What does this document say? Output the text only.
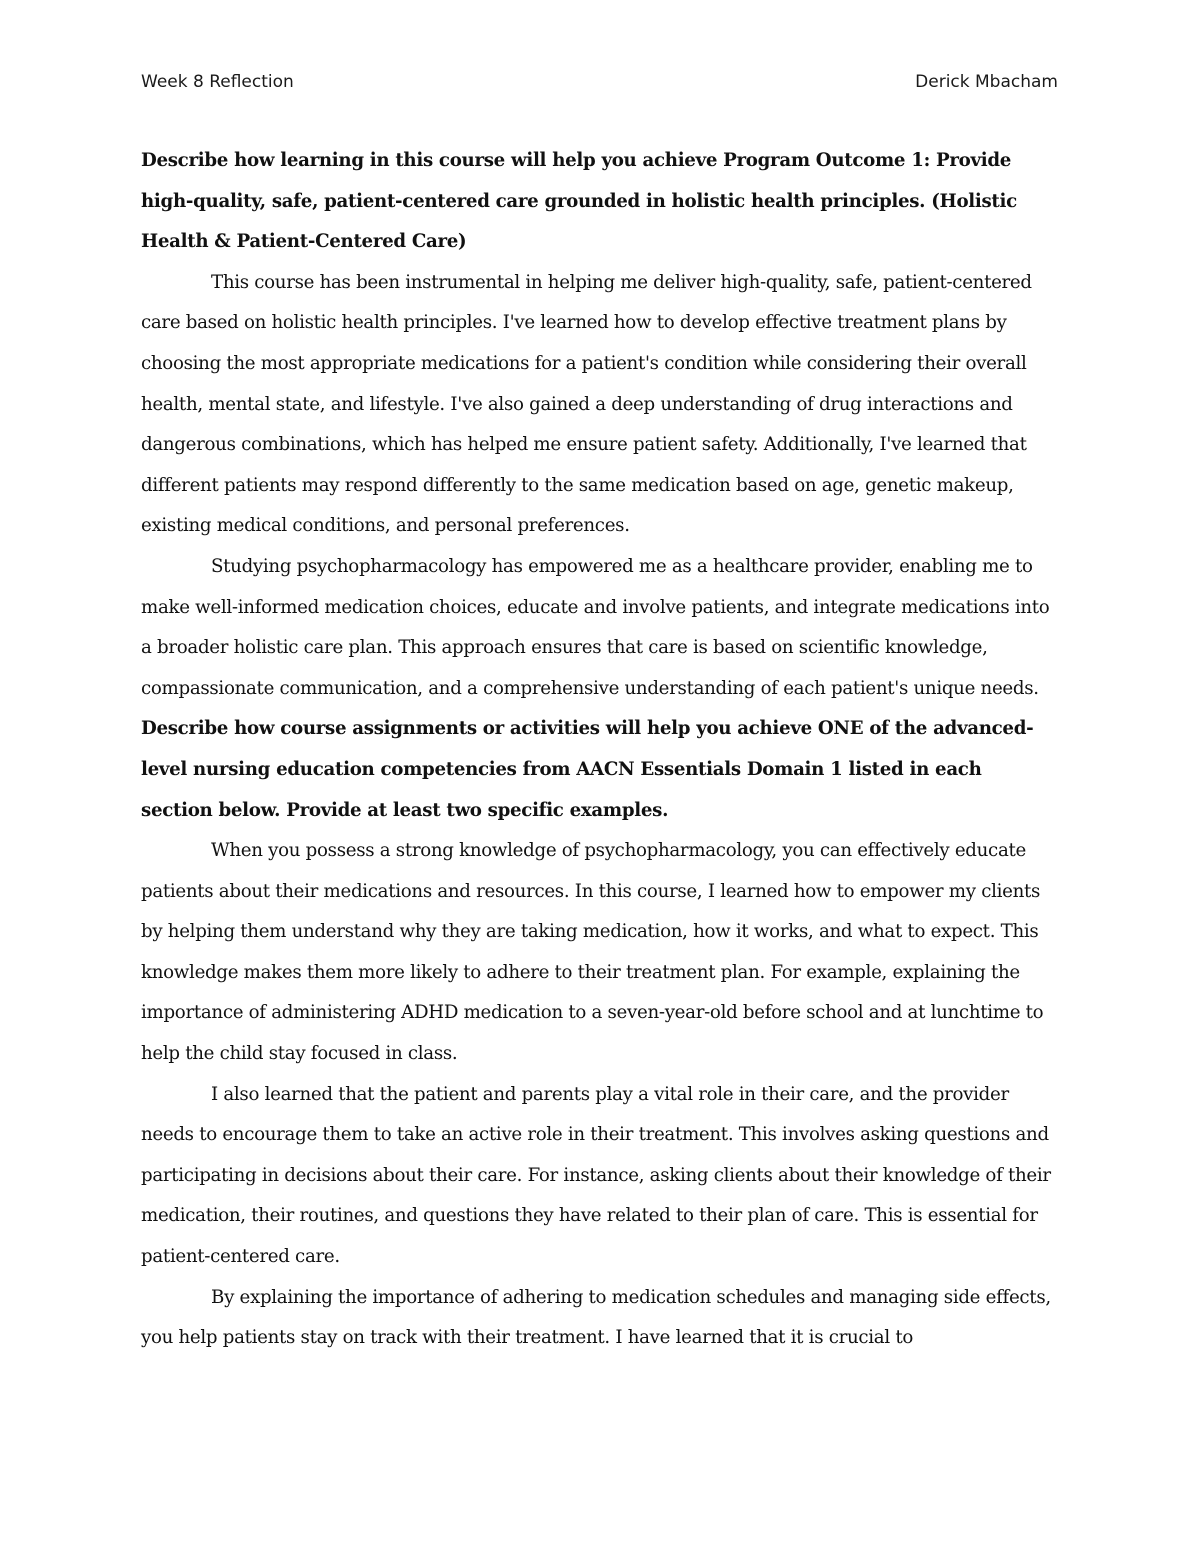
Week 8 Reflection	Derick Mbacham

Describe how learning in this course will help you achieve Program Outcome 1: Provide high-quality, safe, patient-centered care grounded in holistic health principles. (Holistic Health & Patient-Centered Care)

This course has been instrumental in helping me deliver high-quality, safe, patient-centered care based on holistic health principles. I've learned how to develop effective treatment plans by choosing the most appropriate medications for a patient's condition while considering their overall health, mental state, and lifestyle. I've also gained a deep understanding of drug interactions and dangerous combinations, which has helped me ensure patient safety. Additionally, I've learned that different patients may respond differently to the same medication based on age, genetic makeup, existing medical conditions, and personal preferences.

Studying psychopharmacology has empowered me as a healthcare provider, enabling me to make well-informed medication choices, educate and involve patients, and integrate medications into a broader holistic care plan. This approach ensures that care is based on scientific knowledge, compassionate communication, and a comprehensive understanding of each patient's unique needs.

Describe how course assignments or activities will help you achieve ONE of the advanced-level nursing education competencies from AACN Essentials Domain 1 listed in each section below. Provide at least two specific examples.

When you possess a strong knowledge of psychopharmacology, you can effectively educate patients about their medications and resources. In this course, I learned how to empower my clients by helping them understand why they are taking medication, how it works, and what to expect. This knowledge makes them more likely to adhere to their treatment plan. For example, explaining the importance of administering ADHD medication to a seven-year-old before school and at lunchtime to help the child stay focused in class.

I also learned that the patient and parents play a vital role in their care, and the provider needs to encourage them to take an active role in their treatment. This involves asking questions and participating in decisions about their care. For instance, asking clients about their knowledge of their medication, their routines, and questions they have related to their plan of care. This is essential for patient-centered care.

By explaining the importance of adhering to medication schedules and managing side effects, you help patients stay on track with their treatment. I have learned that it is crucial to
